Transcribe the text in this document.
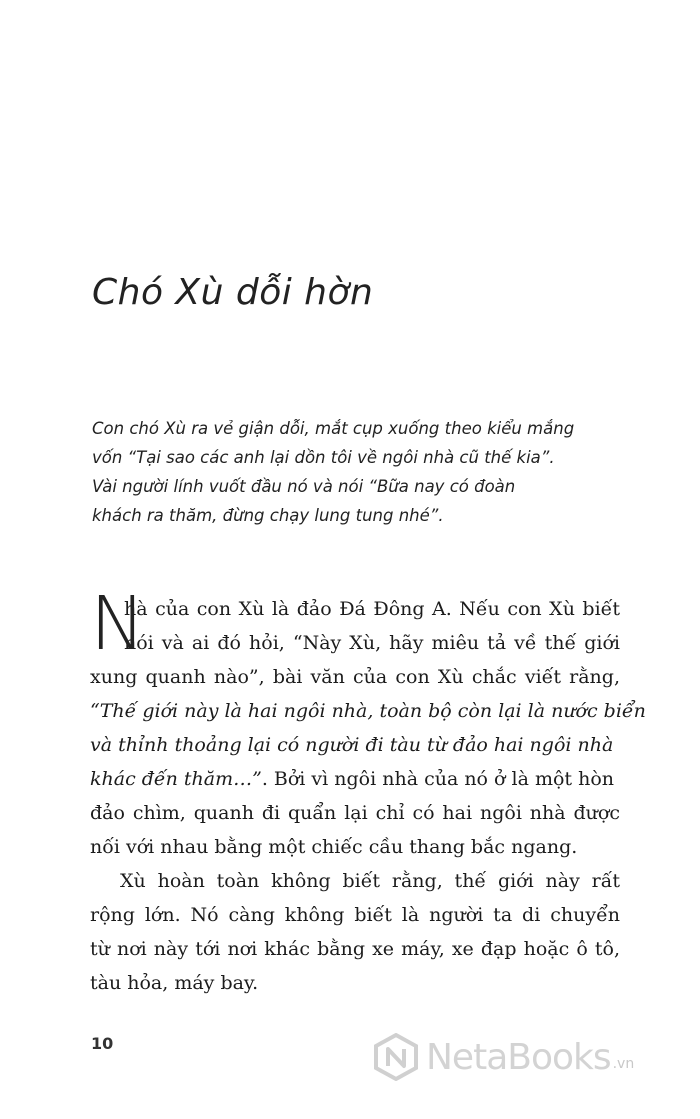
Chó Xù dỗi hờn
Con chó Xù ra vẻ giận dỗi, mắt cụp xuống theo kiểu mắng
vốn “Tại sao các anh lại dồn tôi về ngôi nhà cũ thế kia”.
Vài người lính vuốt đầu nó và nói “Bữa nay có đoàn
khách ra thăm, đừng chạy lung tung nhé”.
N
hà của con Xù là đảo Đá Đông A. Nếu con Xù biết
nói và ai đó hỏi, “Này Xù, hãy miêu tả về thế giới
xung quanh nào”, bài văn của con Xù chắc viết rằng,
“Thế giới này là hai ngôi nhà, toàn bộ còn lại là nước biển
và thỉnh thoảng lại có người đi tàu từ đảo hai ngôi nhà
khác đến thăm…”. Bởi vì ngôi nhà của nó ở là một hòn
đảo chìm, quanh đi quẩn lại chỉ có hai ngôi nhà được
nối với nhau bằng một chiếc cầu thang bắc ngang.
Xù hoàn toàn không biết rằng, thế giới này rất
rộng lớn. Nó càng không biết là người ta di chuyển
từ nơi này tới nơi khác bằng xe máy, xe đạp hoặc ô tô,
tàu hỏa, máy bay.
10	NetaBooks .vn
